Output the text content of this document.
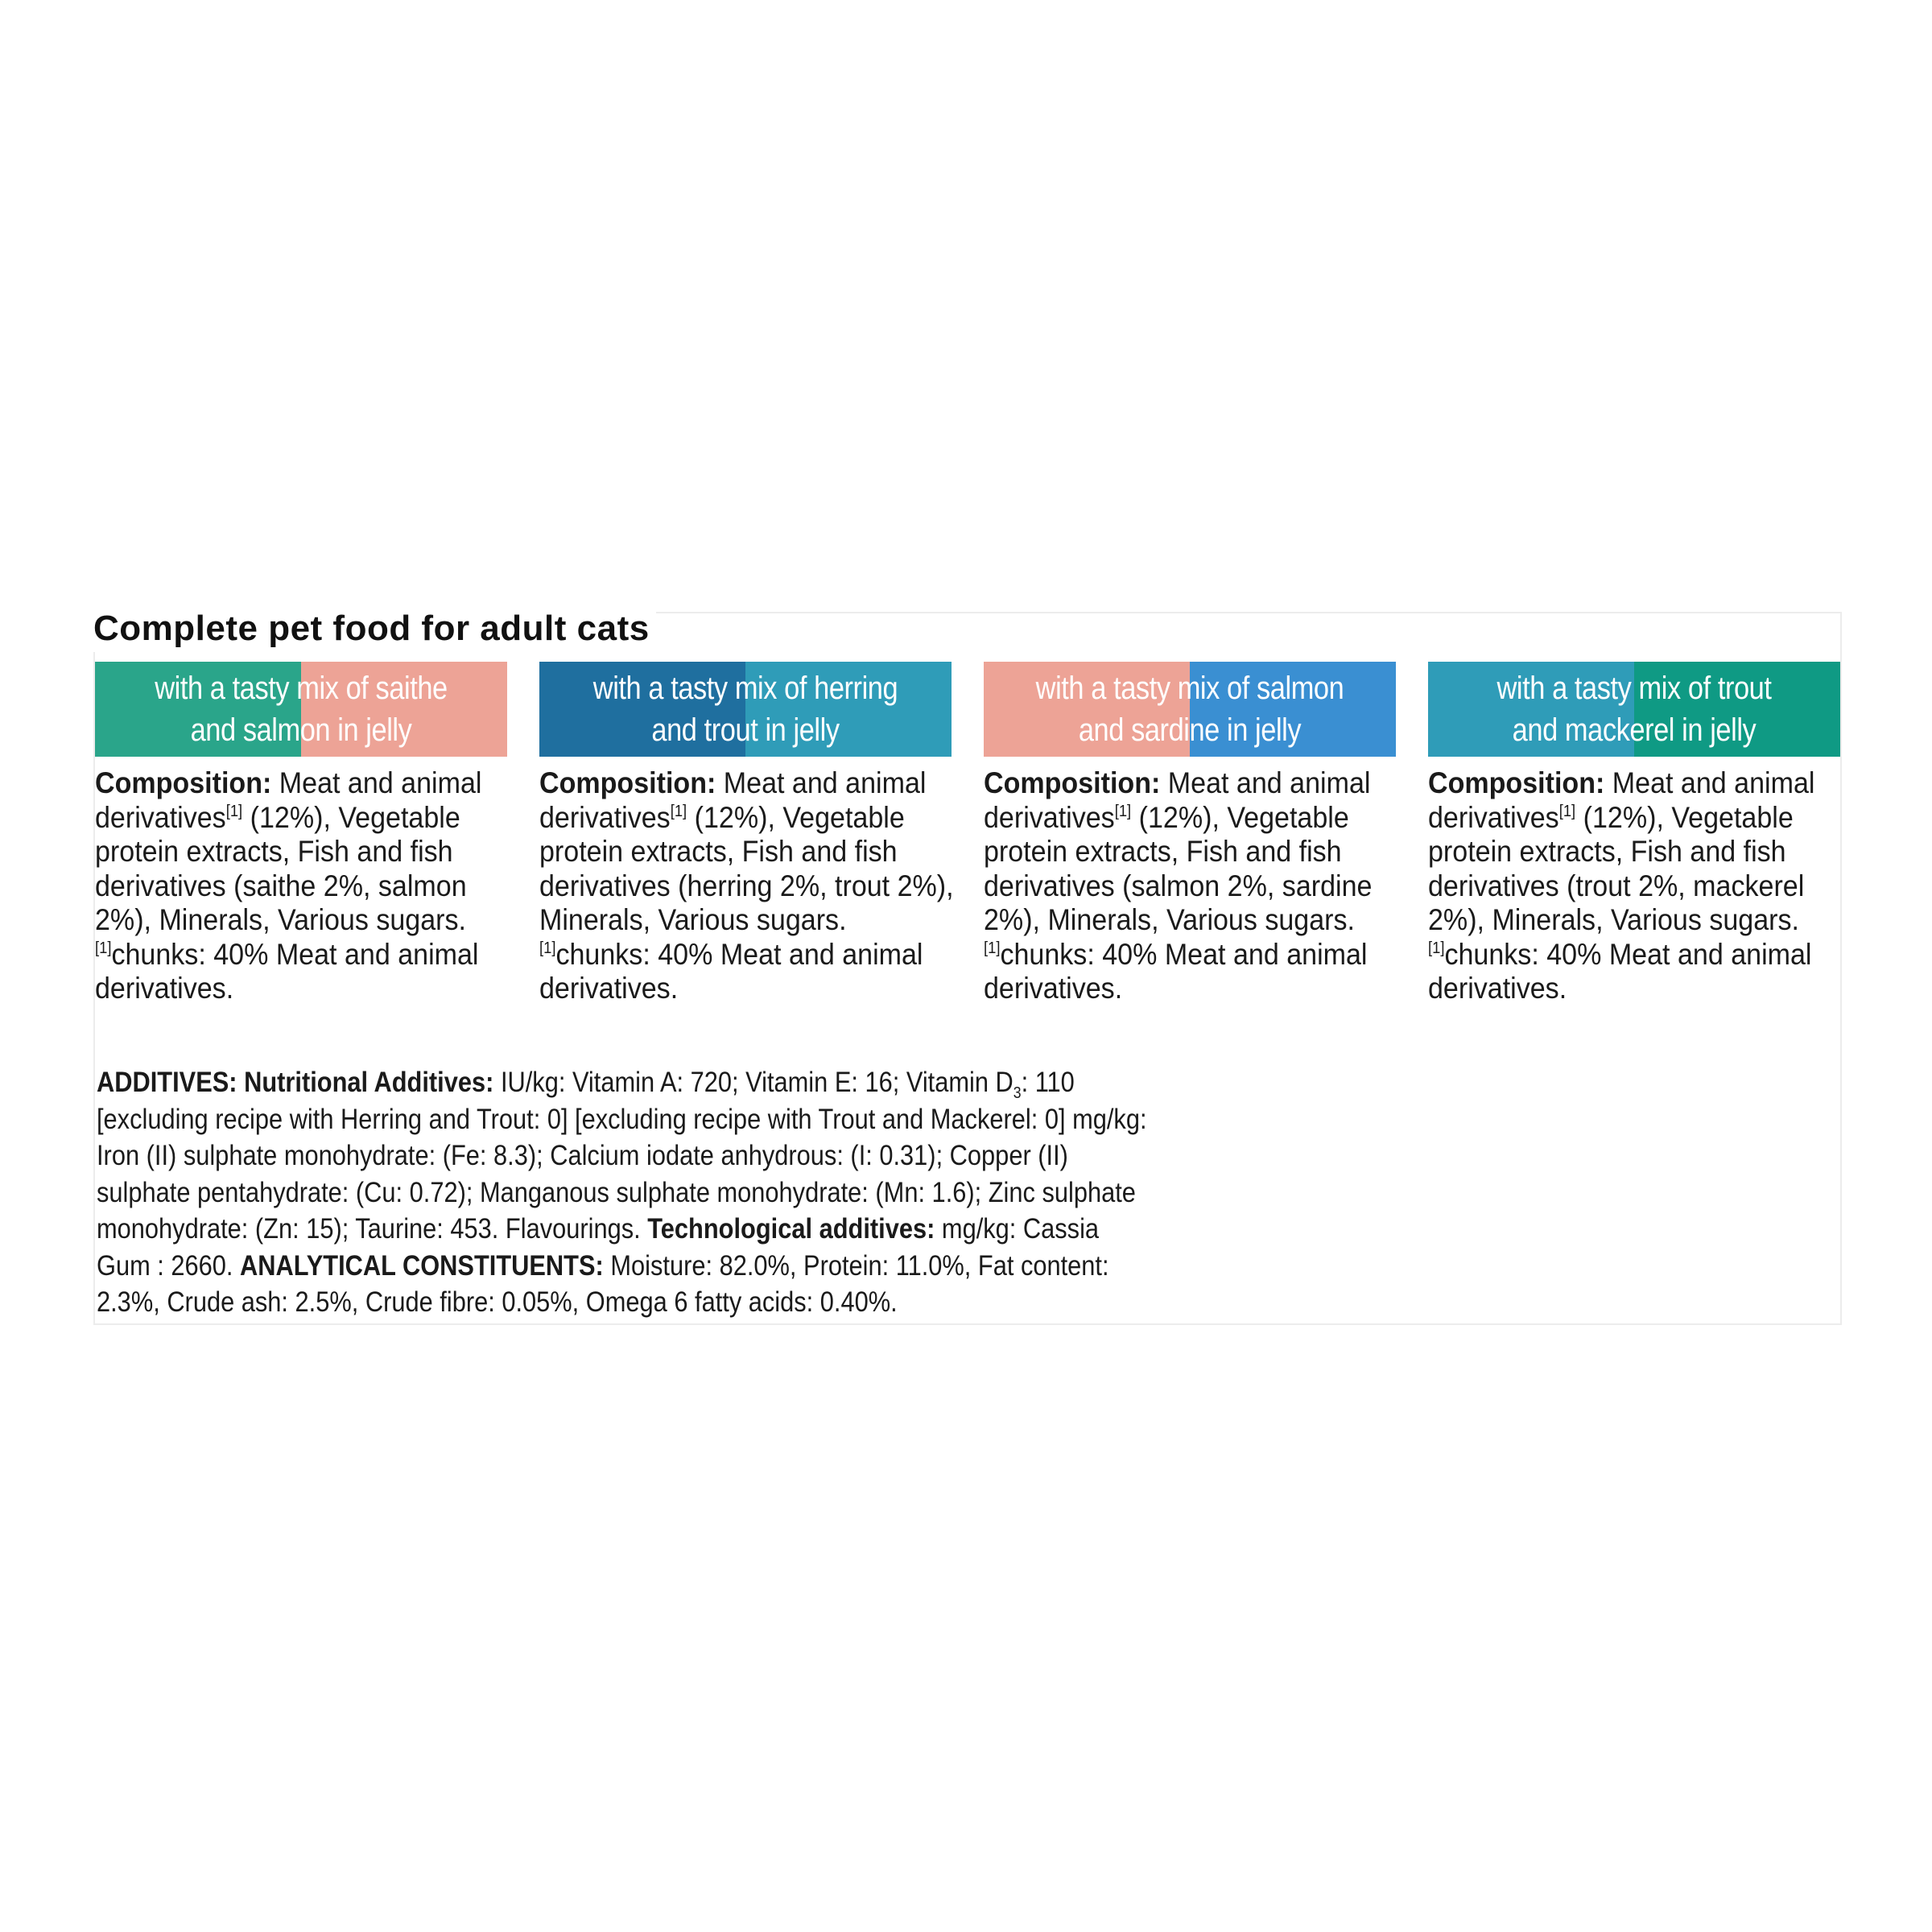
Complete pet food for adult cats
with a tasty mix of saithe
and salmon in jelly
Composition: Meat and animal derivatives[1] (12%), Vegetable protein extracts, Fish and fish derivatives (saithe 2%, salmon 2%), Minerals, Various sugars.
[1]chunks: 40% Meat and animal derivatives.
with a tasty mix of herring
and trout in jelly
Composition: Meat and animal derivatives[1] (12%), Vegetable protein extracts, Fish and fish derivatives (herring 2%, trout 2%), Minerals, Various sugars.
[1]chunks: 40% Meat and animal derivatives.
with a tasty mix of salmon
and sardine in jelly
Composition: Meat and animal derivatives[1] (12%), Vegetable protein extracts, Fish and fish derivatives (salmon 2%, sardine 2%), Minerals, Various sugars.
[1]chunks: 40% Meat and animal derivatives.
with a tasty mix of trout
and mackerel in jelly
Composition: Meat and animal derivatives[1] (12%), Vegetable protein extracts, Fish and fish derivatives (trout 2%, mackerel 2%), Minerals, Various sugars.
[1]chunks: 40% Meat and animal derivatives.
ADDITIVES: Nutritional Additives: IU/kg: Vitamin A: 720; Vitamin E: 16; Vitamin $D_3$: 110 [excluding recipe with Herring and Trout: 0] [excluding recipe with Trout and Mackerel: 0] mg/kg: Iron (II) sulphate monohydrate: (Fe: 8.3); Calcium iodate anhydrous: (I: 0.31); Copper (II) sulphate pentahydrate: (Cu: 0.72); Manganous sulphate monohydrate: (Mn: 1.6); Zinc sulphate monohydrate: (Zn: 15); Taurine: 453. Flavourings. Technological additives: mg/kg: Cassia Gum : 2660. ANALYTICAL CONSTITUENTS: Moisture: 82.0%, Protein: 11.0%, Fat content: 2.3%, Crude ash: 2.5%, Crude fibre: 0.05%, Omega 6 fatty acids: 0.40%.
